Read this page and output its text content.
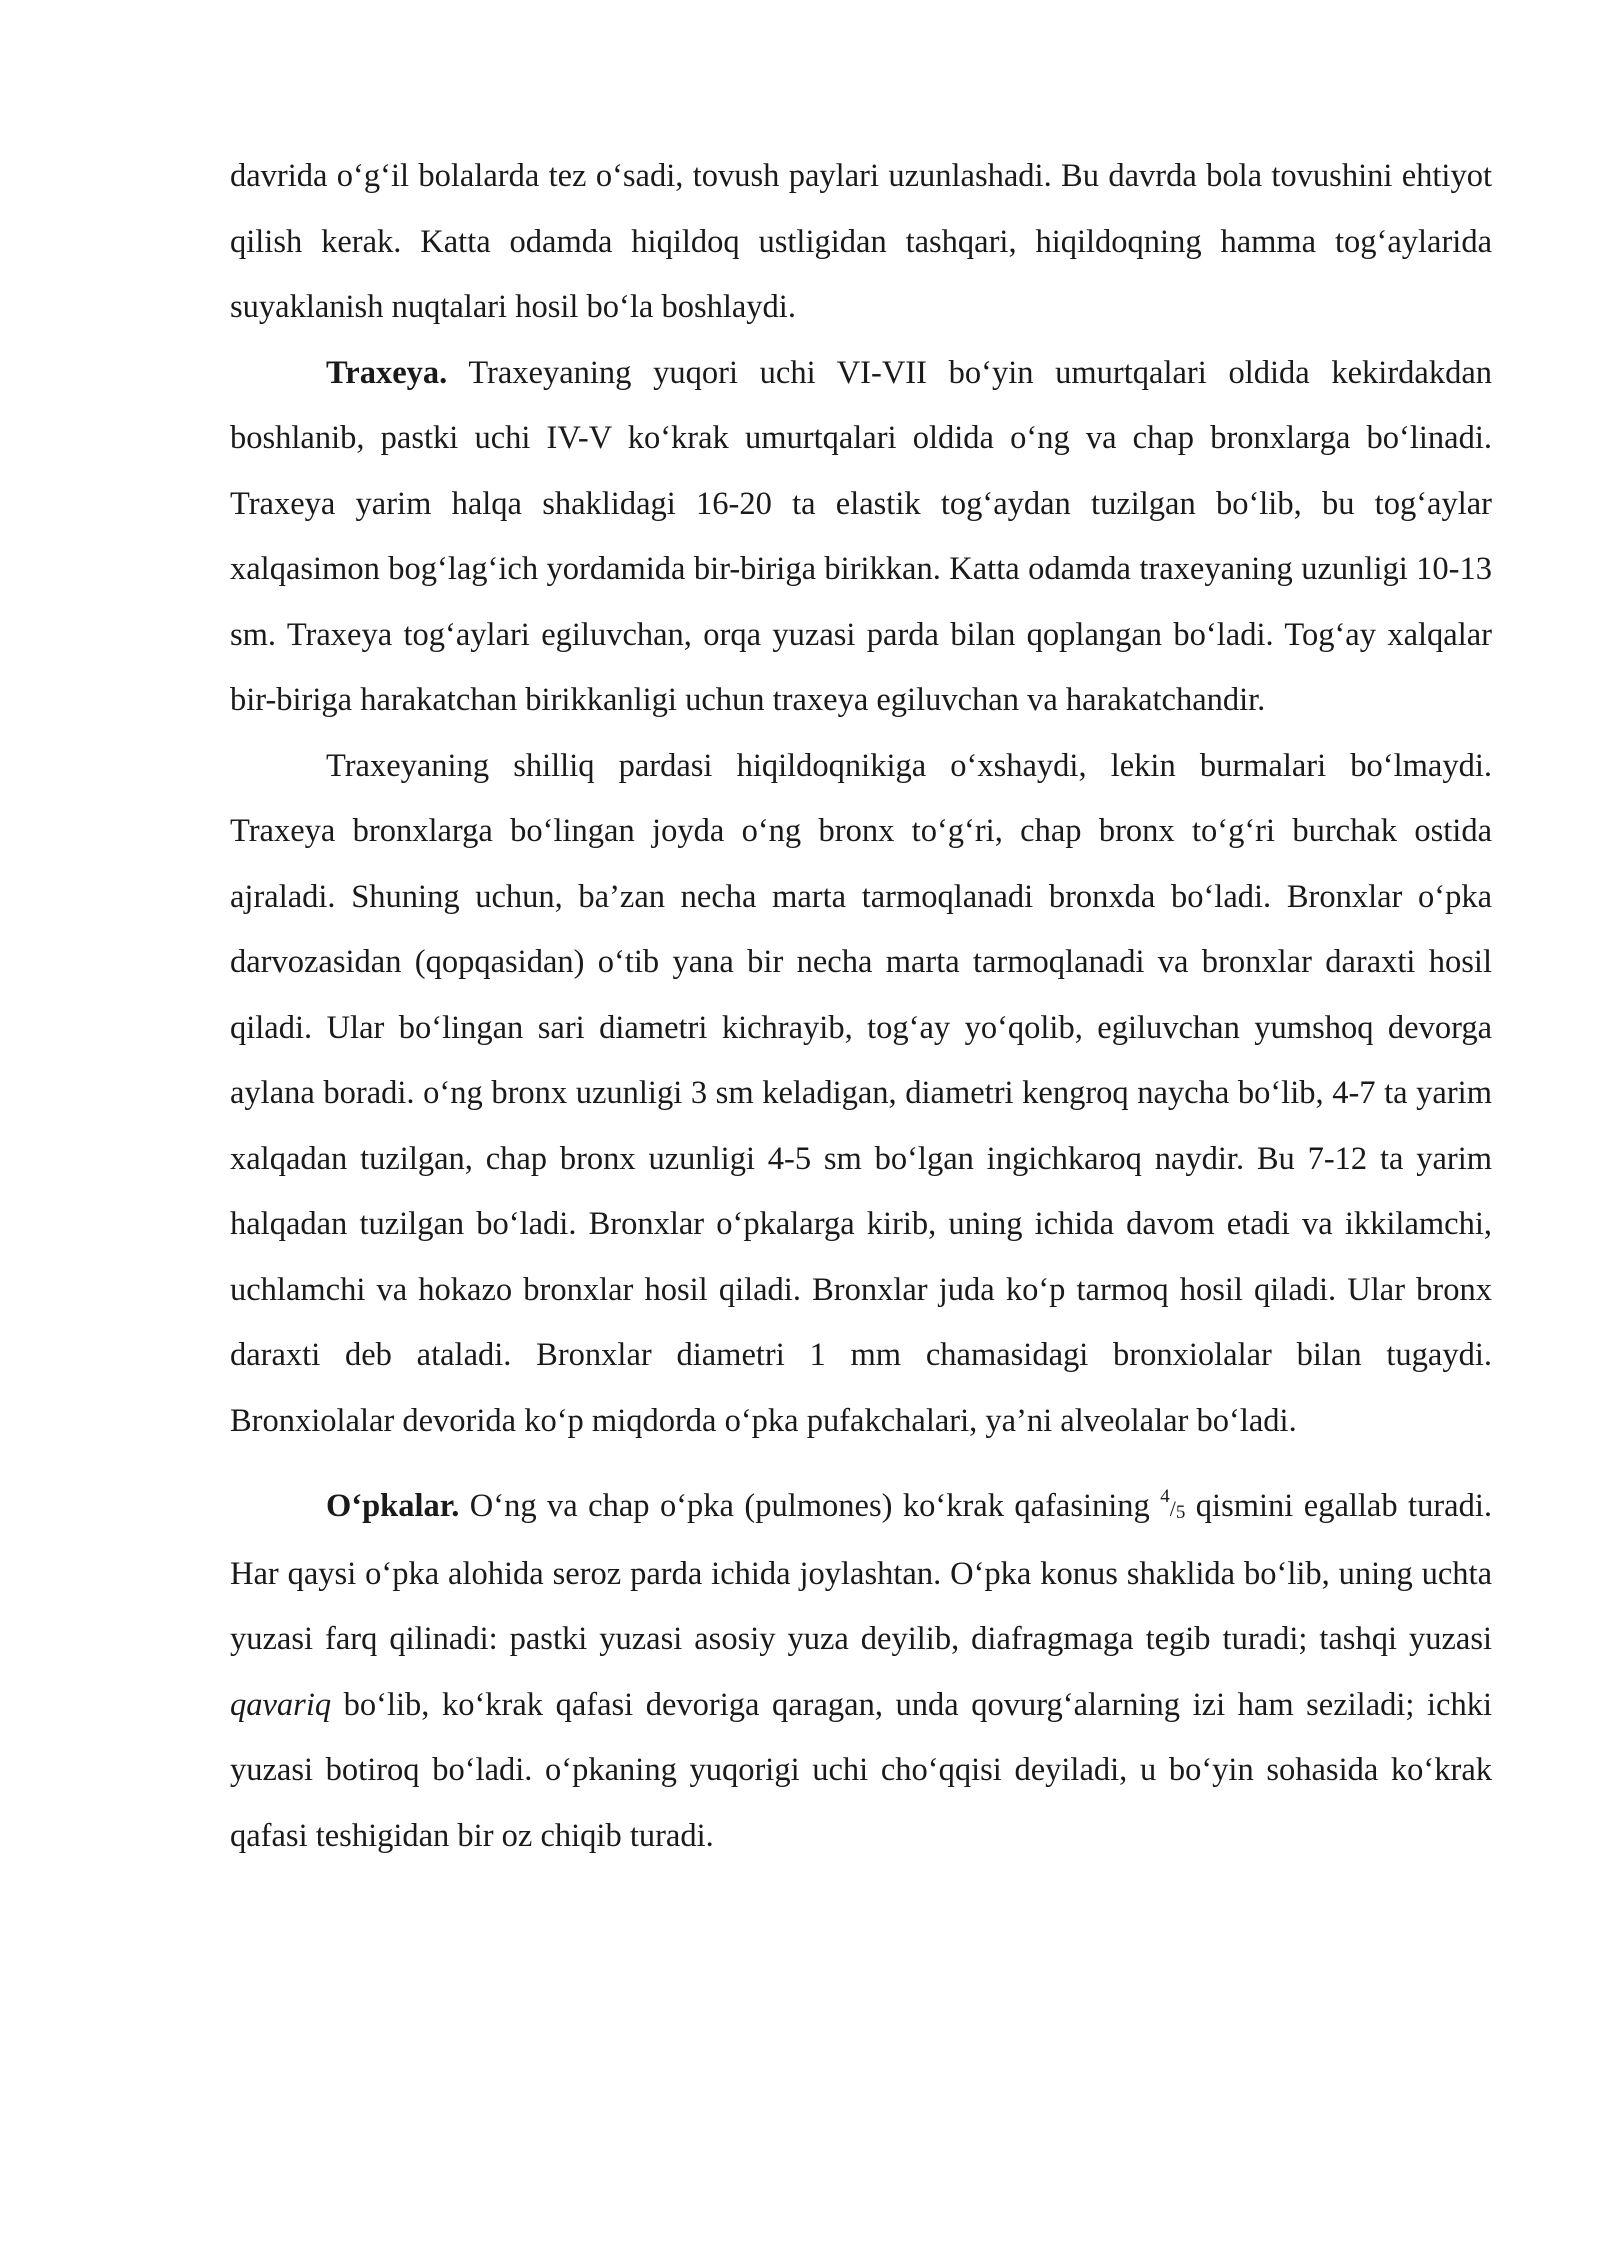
davrida o‘g‘il bolalarda tez o‘sadi, tovush paylari uzunlashadi. Bu davrda bola tovushini ehtiyot qilish kerak. Katta odamda hiqildoq ustligidan tashqari, hiqildoqning hamma tog‘aylarida suyaklanish nuqtalari hosil bo‘la boshlaydi.

Traxeya. Traxeyaning yuqori uchi VI-VII bo‘yin umurtqalari oldida kekirdakdan boshlanib, pastki uchi IV-V ko‘krak umurtqalari oldida o‘ng va chap bronxlarga bo‘linadi. Traxeya yarim halqa shaklidagi 16-20 ta elastik tog‘aydan tuzilgan bo‘lib, bu tog‘aylar xalqasimon bog‘lag‘ich yordamida bir-biriga birikkan. Katta odamda traxeyaning uzunligi 10-13 sm. Traxeya tog‘aylari egiluvchan, orqa yuzasi parda bilan qoplangan bo‘ladi. Tog‘ay xalqalar bir-biriga harakatchan birikkanligi uchun traxeya egiluvchan va harakatchandir.

Traxeyaning shilliq pardasi hiqildoqnikiga o‘xshaydi, lekin burmalari bo‘lmaydi. Traxeya bronxlarga bo‘lingan joyda o‘ng bronx to‘g‘ri, chap bronx to‘g‘ri burchak ostida ajraladi. Shuning uchun, ba’zan necha marta tarmoqlanadi bronxda bo‘ladi. Bronxlar o‘pka darvozasidan (qopqasidan) o‘tib yana bir necha marta tarmoqlanadi va bronxlar daraxti hosil qiladi. Ular bo‘lingan sari diametri kichrayib, tog‘ay yo‘qolib, egiluvchan yumshoq devorga aylana boradi. o‘ng bronx uzunligi 3 sm keladigan, diametri kengroq naycha bo‘lib, 4-7 ta yarim xalqadan tuzilgan, chap bronx uzunligi 4-5 sm bo‘lgan ingichkaroq naydir. Bu 7-12 ta yarim halqadan tuzilgan bo‘ladi. Bronxlar o‘pkalarga kirib, uning ichida davom etadi va ikkilamchi, uchlamchi va hokazo bronxlar hosil qiladi. Bronxlar juda ko‘p tarmoq hosil qiladi. Ular bronx daraxti deb ataladi. Bronxlar diametri 1 mm chamasidagi bronxiolalar bilan tugaydi. Bronxiolalar devorida ko‘p miqdorda o‘pka pufakchalari, ya’ni alveolalar bo‘ladi.

O‘pkalar. O‘ng va chap o‘pka (pulmones) ko‘krak qafasining $^4/_5$ qismini egallab turadi. Har qaysi o‘pka alohida seroz parda ichida joylashtan. O‘pka konus shaklida bo‘lib, uning uchta yuzasi farq qilinadi: pastki yuzasi asosiy yuza deyilib, diafragmaga tegib turadi; tashqi yuzasi qavariq bo‘lib, ko‘krak qafasi devoriga qaragan, unda qovurg‘alarning izi ham seziladi; ichki yuzasi botiroq bo‘ladi. o‘pkaning yuqorigi uchi cho‘qqisi deyiladi, u bo‘yin sohasida ko‘krak qafasi teshigidan bir oz chiqib turadi.
